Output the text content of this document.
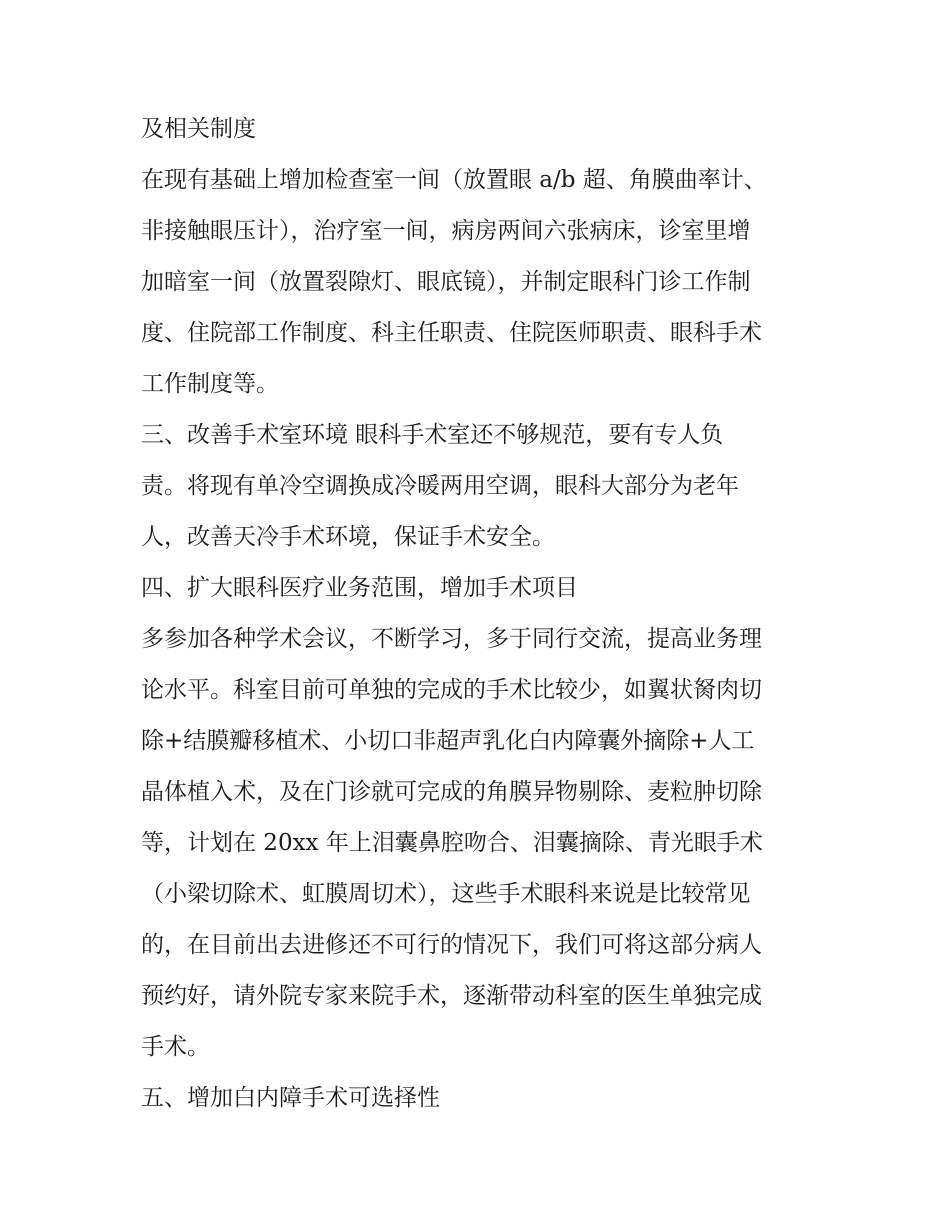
及相关制度
在现有基础上增加检查室一间（放置眼 a/b 超、角膜曲率计、
非接触眼压计），治疗室一间，病房两间六张病床，诊室里增
加暗室一间（放置裂隙灯、眼底镜），并制定眼科门诊工作制
度、住院部工作制度、科主任职责、住院医师职责、眼科手术
工作制度等。
三、改善手术室环境 眼科手术室还不够规范，要有专人负
责。将现有单冷空调换成冷暖两用空调，眼科大部分为老年
人，改善天冷手术环境，保证手术安全。
四、扩大眼科医疗业务范围，增加手术项目
多参加各种学术会议，不断学习，多于同行交流，提高业务理
论水平。科室目前可单独的完成的手术比较少，如翼状胬肉切
除+结膜瓣移植术、小切口非超声乳化白内障囊外摘除+人工
晶体植入术，及在门诊就可完成的角膜异物剔除、麦粒肿切除
等，计划在 20xx 年上泪囊鼻腔吻合、泪囊摘除、青光眼手术
（小梁切除术、虹膜周切术），这些手术眼科来说是比较常见
的，在目前出去进修还不可行的情况下，我们可将这部分病人
预约好，请外院专家来院手术，逐渐带动科室的医生单独完成
手术。
五、增加白内障手术可选择性
